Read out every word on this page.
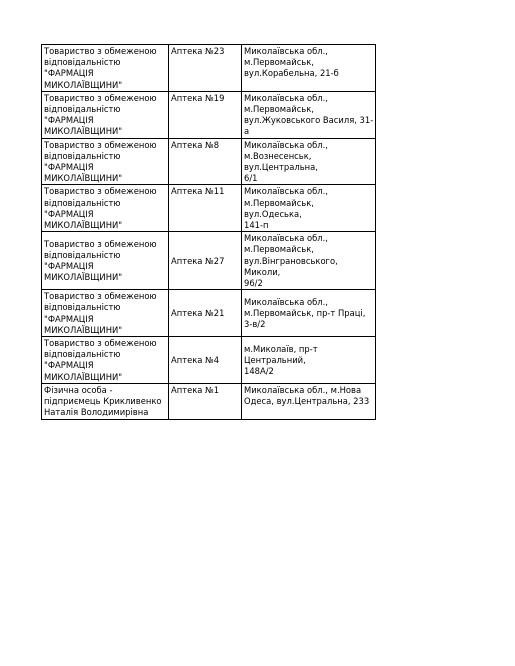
Товариство з обмеженою відповідальністю "ФАРМАЦІЯ МИКОЛАЇВЩИНИ"	Аптека №23	Миколаївська обл.,
м.Первомайськ,
вул.Корабельна, 21-б
Товариство з обмеженою відповідальністю "ФАРМАЦІЯ МИКОЛАЇВЩИНИ"	Аптека №19	Миколаївська обл.,
м.Первомайськ,
вул.Жуковського Василя, 31-а
Товариство з обмеженою відповідальністю "ФАРМАЦІЯ МИКОЛАЇВЩИНИ"	Аптека №8	Миколаївська обл.,
м.Вознесенськ, вул.Центральна,
6/1
Товариство з обмеженою відповідальністю "ФАРМАЦІЯ МИКОЛАЇВЩИНИ"	Аптека №11	Миколаївська обл.,
м.Первомайськ, вул.Одеська,
141-п
Товариство з обмеженою відповідальністю "ФАРМАЦІЯ МИКОЛАЇВЩИНИ"	Аптека №27	Миколаївська обл.,
м.Первомайськ,
вул.Вінграновського, Миколи,
96/2
Товариство з обмеженою відповідальністю "ФАРМАЦІЯ МИКОЛАЇВЩИНИ"	Аптека №21	Миколаївська обл.,
м.Первомайськ, пр-т Праці, 3-в/2
Товариство з обмеженою відповідальністю "ФАРМАЦІЯ МИКОЛАЇВЩИНИ"	Аптека №4	м.Миколаїв, пр-т Центральний,
148А/2
Фізична особа - підприємець Крикливенко Наталія Володимирівна	Аптека №1	Миколаївська обл., м.Нова
Одеса, вул.Центральна, 233
